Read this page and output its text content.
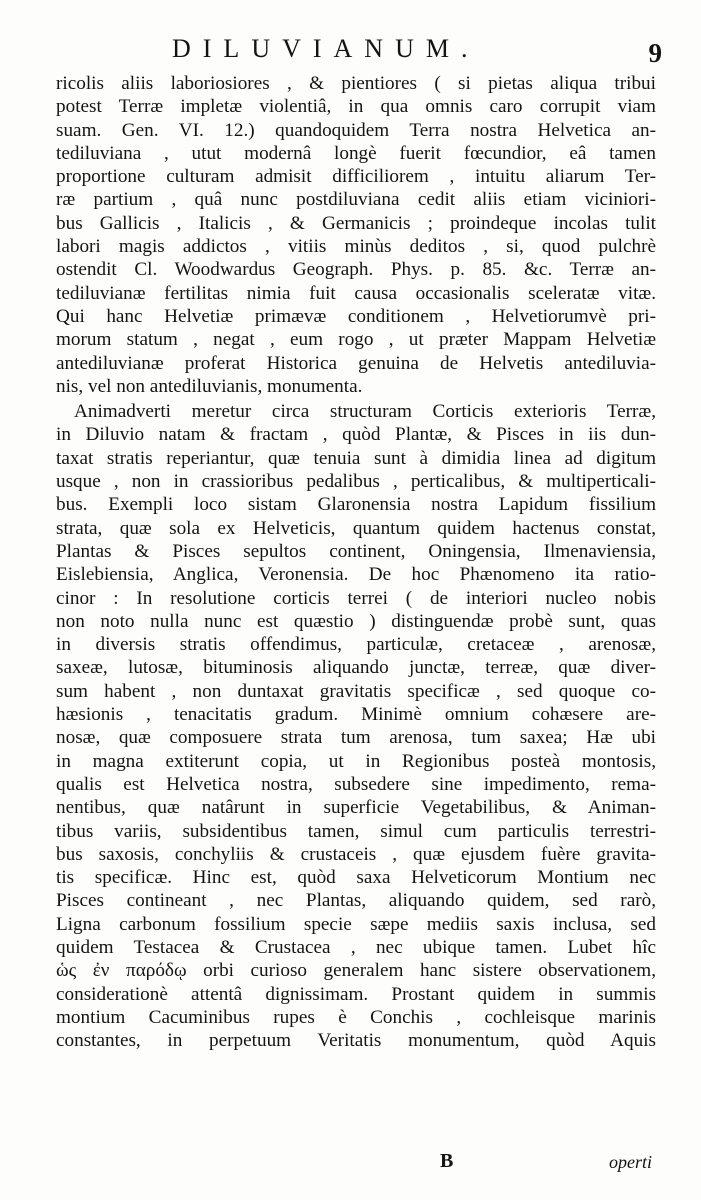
DILUVIANUM.	9
ricolis aliis laboriosiores , & pientiores ( si pietas aliqua tribui
potest Terræ impletæ violentiâ, in qua omnis caro corrupit viam
suam. Gen. VI. 12.) quandoquidem Terra nostra Helvetica an-
tediluviana , utut modernâ longè fuerit fœcundior, eâ tamen
proportione culturam admisit difficiliorem , intuitu aliarum Ter-
ræ partium , quâ nunc postdiluviana cedit aliis etiam viciniori-
bus Gallicis , Italicis , & Germanicis ; proindeque incolas tulit
labori magis addictos , vitiis minùs deditos , si, quod pulchrè
ostendit Cl. Woodwardus Geograph. Phys. p. 85. &c. Terræ an-
tediluvianæ fertilitas nimia fuit causa occasionalis sceleratæ vitæ.
Qui hanc Helvetiæ primævæ conditionem , Helvetiorumvè pri-
morum statum , negat , eum rogo , ut præter Mappam Helvetiæ
antediluvianæ proferat Historica genuina de Helvetis antediluvia-
nis, vel non antediluvianis, monumenta.
Animadverti meretur circa structuram Corticis exterioris Terræ,
in Diluvio natam & fractam , quòd Plantæ, & Pisces in iis dun-
taxat stratis reperiantur, quæ tenuia sunt à dimidia linea ad digitum
usque , non in crassioribus pedalibus , perticalibus, & multiperticali-
bus. Exempli loco sistam Glaronensia nostra Lapidum fissilium
strata, quæ sola ex Helveticis, quantum quidem hactenus constat,
Plantas & Pisces sepultos continent, Oningensia, Ilmenaviensia,
Eislebiensia, Anglica, Veronensia. De hoc Phænomeno ita ratio-
cinor : In resolutione corticis terrei ( de interiori nucleo nobis
non noto nulla nunc est quæstio ) distinguendæ probè sunt, quas
in diversis stratis offendimus, particulæ, cretaceæ , arenosæ,
saxeæ, lutosæ, bituminosis aliquando junctæ, terreæ, quæ diver-
sum habent , non duntaxat gravitatis specificæ , sed quoque co-
hæsionis , tenacitatis gradum. Minimè omnium cohæsere are-
nosæ, quæ composuere strata tum arenosa, tum saxea; Hæ ubi
in magna extiterunt copia, ut in Regionibus posteà montosis,
qualis est Helvetica nostra, subsedere sine impedimento, rema-
nentibus, quæ natârunt in superficie Vegetabilibus, & Animan-
tibus variis, subsidentibus tamen, simul cum particulis terrestri-
bus saxosis, conchyliis & crustaceis , quæ ejusdem fuère gravita-
tis specificæ. Hinc est, quòd saxa Helveticorum Montium nec
Pisces contineant , nec Plantas, aliquando quidem, sed rarò,
Ligna carbonum fossilium specie sæpe mediis saxis inclusa, sed
quidem Testacea & Crustacea , nec ubique tamen. Lubet hîc
ὡς ἐν παρόδῳ orbi curioso generalem hanc sistere observationem,
considerationè attentâ dignissimam. Prostant quidem in summis
montium Cacuminibus rupes è Conchis , cochleisque marinis
constantes, in perpetuum Veritatis monumentum, quòd Aquis
B	operti
